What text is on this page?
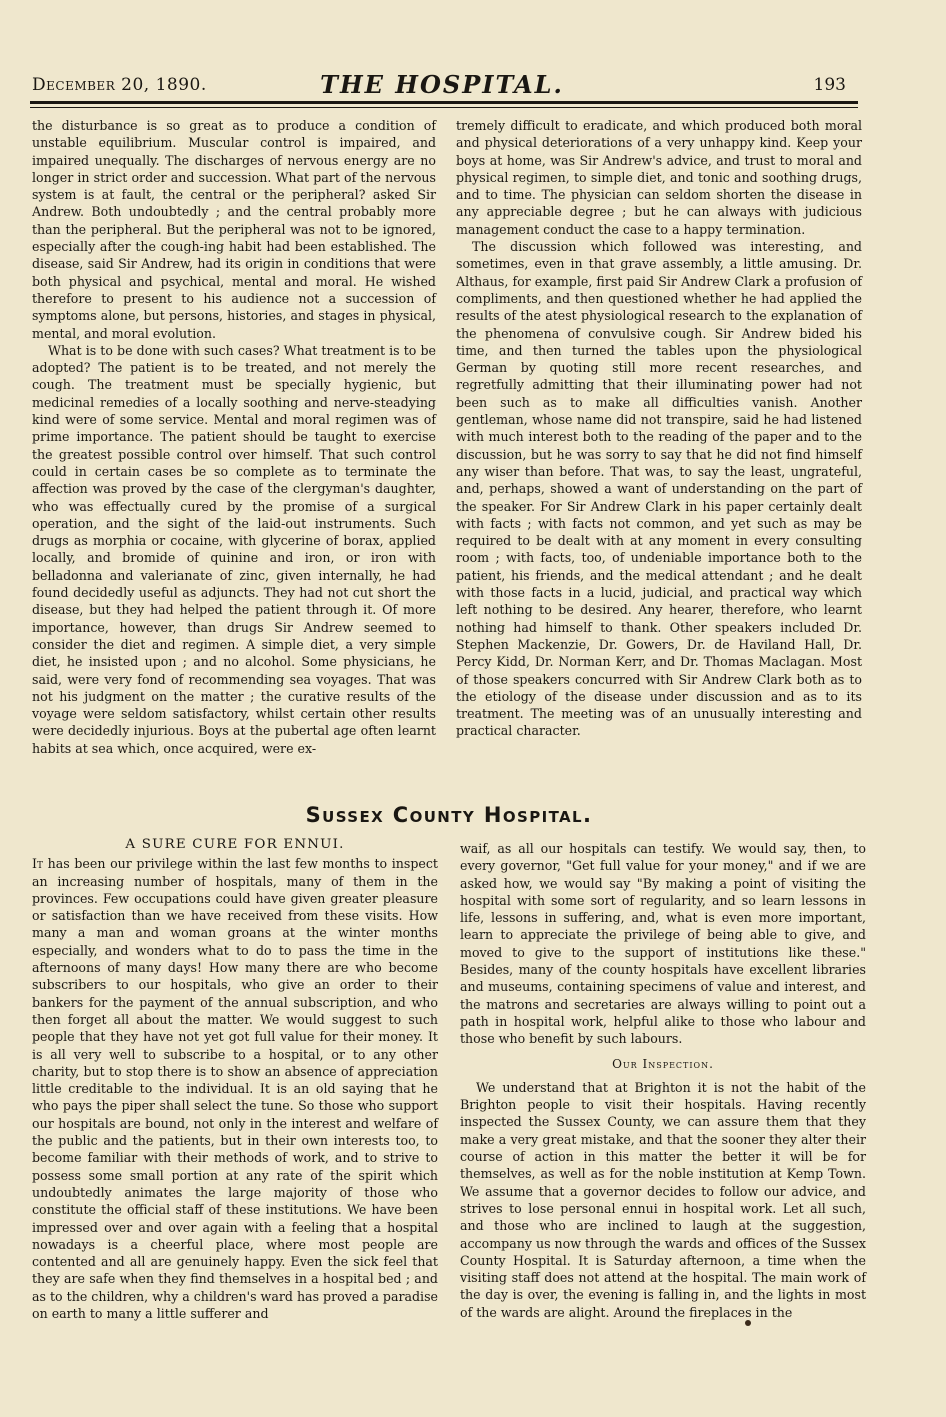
December 20, 1890.	THE HOSPITAL.	193

the disturbance is so great as to produce a condition of unstable equilibrium. Muscular control is impaired, and impaired unequally. The discharges of nervous energy are no longer in strict order and succession. What part of the nervous system is at fault, the central or the peripheral? asked Sir Andrew. Both undoubtedly ; and the central probably more than the peripheral. But the peripheral was not to be ignored, especially after the cough-ing habit had been established. The disease, said Sir Andrew, had its origin in conditions that were both physical and psychical, mental and moral. He wished therefore to present to his audience not a succession of symptoms alone, but persons, histories, and stages in physical, mental, and moral evolution.

What is to be done with such cases? What treatment is to be adopted? The patient is to be treated, and not merely the cough. The treatment must be specially hygienic, but medicinal remedies of a locally soothing and nerve-steadying kind were of some service. Mental and moral regimen was of prime importance. The patient should be taught to exercise the greatest possible control over himself. That such control could in certain cases be so complete as to terminate the affection was proved by the case of the clergyman's daughter, who was effectually cured by the promise of a surgical operation, and the sight of the laid-out instruments. Such drugs as morphia or cocaine, with glycerine of borax, applied locally, and bromide of quinine and iron, or iron with belladonna and valerianate of zinc, given internally, he had found decidedly useful as adjuncts. They had not cut short the disease, but they had helped the patient through it. Of more importance, however, than drugs Sir Andrew seemed to consider the diet and regimen. A simple diet, a very simple diet, he insisted upon ; and no alcohol. Some physicians, he said, were very fond of recommending sea voyages. That was not his judgment on the matter ; the curative results of the voyage were seldom satisfactory, whilst certain other results were decidedly injurious. Boys at the pubertal age often learnt habits at sea which, once acquired, were ex-

tremely difficult to eradicate, and which produced both moral and physical deteriorations of a very unhappy kind. Keep your boys at home, was Sir Andrew's advice, and trust to moral and physical regimen, to simple diet, and tonic and soothing drugs, and to time. The physician can seldom shorten the disease in any appreciable degree ; but he can always with judicious management conduct the case to a happy termination.

The discussion which followed was interesting, and sometimes, even in that grave assembly, a little amusing. Dr. Althaus, for example, first paid Sir Andrew Clark a profusion of compliments, and then questioned whether he had applied the results of the atest physiological research to the explanation of the phenomena of convulsive cough. Sir Andrew bided his time, and then turned the tables upon the physiological German by quoting still more recent researches, and regretfully admitting that their illuminating power had not been such as to make all difficulties vanish. Another gentleman, whose name did not transpire, said he had listened with much interest both to the reading of the paper and to the discussion, but he was sorry to say that he did not find himself any wiser than before. That was, to say the least, ungrateful, and, perhaps, showed a want of understanding on the part of the speaker. For Sir Andrew Clark in his paper certainly dealt with facts ; with facts not common, and yet such as may be required to be dealt with at any moment in every consulting room ; with facts, too, of undeniable importance both to the patient, his friends, and the medical attendant ; and he dealt with those facts in a lucid, judicial, and practical way which left nothing to be desired. Any hearer, therefore, who learnt nothing had himself to thank. Other speakers included Dr. Stephen Mackenzie, Dr. Gowers, Dr. de Haviland Hall, Dr. Percy Kidd, Dr. Norman Kerr, and Dr. Thomas Maclagan. Most of those speakers concurred with Sir Andrew Clark both as to the etiology of the disease under discussion and as to its treatment. The meeting was of an unusually interesting and practical character.

Sussex County Hospital.
A SURE CURE FOR ENNUI.

It has been our privilege within the last few months to inspect an increasing number of hospitals, many of them in the provinces. Few occupations could have given greater pleasure or satisfaction than we have received from these visits. How many a man and woman groans at the winter months especially, and wonders what to do to pass the time in the afternoons of many days! How many there are who become subscribers to our hospitals, who give an order to their bankers for the payment of the annual subscription, and who then forget all about the matter. We would suggest to such people that they have not yet got full value for their money. It is all very well to subscribe to a hospital, or to any other charity, but to stop there is to show an absence of appreciation little creditable to the individual. It is an old saying that he who pays the piper shall select the tune. So those who support our hospitals are bound, not only in the interest and welfare of the public and the patients, but in their own interests too, to become familiar with their methods of work, and to strive to possess some small portion at any rate of the spirit which undoubtedly animates the large majority of those who constitute the official staff of these institutions. We have been impressed over and over again with a feeling that a hospital nowadays is a cheerful place, where most people are contented and all are genuinely happy. Even the sick feel that they are safe when they find themselves in a hospital bed ; and as to the children, why a children's ward has proved a paradise on earth to many a little sufferer and

waif, as all our hospitals can testify. We would say, then, to every governor, "Get full value for your money," and if we are asked how, we would say "By making a point of visiting the hospital with some sort of regularity, and so learn lessons in life, lessons in suffering, and, what is even more important, learn to appreciate the privilege of being able to give, and moved to give to the support of institutions like these." Besides, many of the county hospitals have excellent libraries and museums, containing specimens of value and interest, and the matrons and secretaries are always willing to point out a path in hospital work, helpful alike to those who labour and those who benefit by such labours.

Our Inspection.

We understand that at Brighton it is not the habit of the Brighton people to visit their hospitals. Having recently inspected the Sussex County, we can assure them that they make a very great mistake, and that the sooner they alter their course of action in this matter the better it will be for themselves, as well as for the noble institution at Kemp Town. We assume that a governor decides to follow our advice, and strives to lose personal ennui in hospital work. Let all such, and those who are inclined to laugh at the suggestion, accompany us now through the wards and offices of the Sussex County Hospital. It is Saturday afternoon, a time when the visiting staff does not attend at the hospital. The main work of the day is over, the evening is falling in, and the lights in most of the wards are alight. Around the fireplaces in the
